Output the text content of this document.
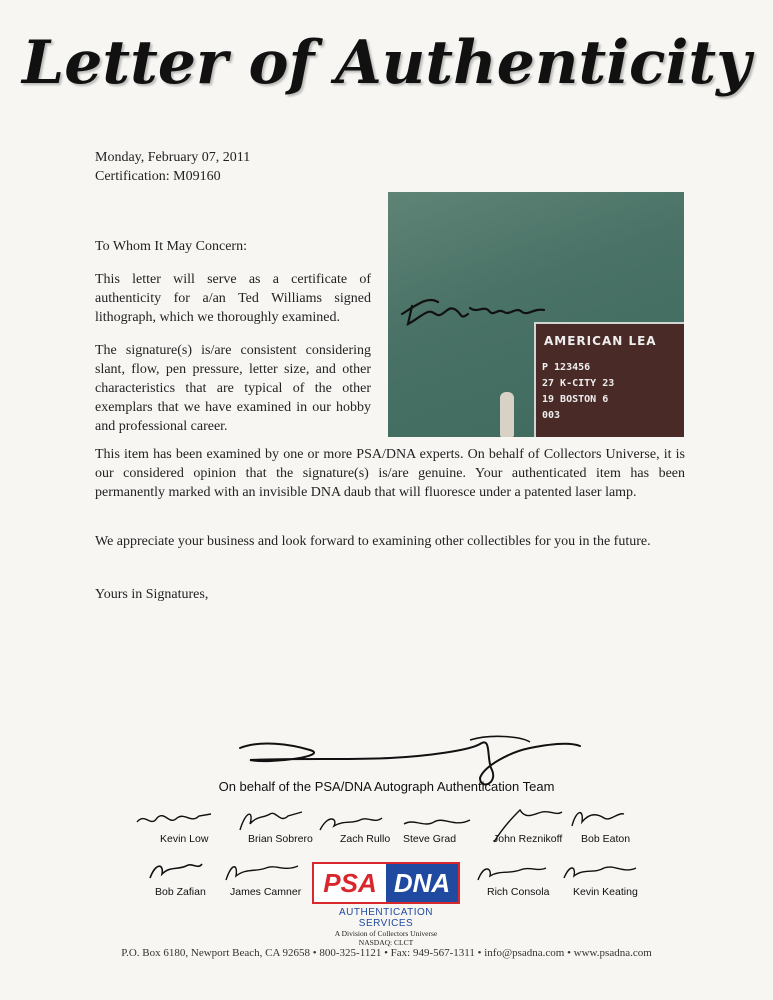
Letter of Authenticity
Monday, February 07, 2011
Certification: M09160
AMERICAN LEA
P 123456
27 K-CITY 23
19 BOSTON 6
003
To Whom It May Concern:
This letter will serve as a certificate of authenticity for a/an Ted Williams signed lithograph, which we thoroughly examined.
The signature(s) is/are consistent considering slant, flow, pen pressure, letter size, and other characteristics that are typical of the other exemplars that we have examined in our hobby and professional career.
This item has been examined by one or more PSA/DNA experts. On behalf of Collectors Universe, it is our considered opinion that the signature(s) is/are genuine. Your authenticated item has been permanently marked with an invisible DNA daub that will fluoresce under a patented laser lamp.
We appreciate your business and look forward to examining other collectibles for you in the future.
Yours in Signatures,
On behalf of the PSA/DNA Autograph Authentication Team
Kevin Low	Brian Sobrero	Zach Rullo Steve Grad	John Reznikoff Bob Eaton
Bob Zafian James Camner PSA DNA
AUTHENTICATION SERVICES
A Division of Collectors Universe
NASDAQ: CLCT
Rich Consola Kevin Keating
P.O. Box 6180, Newport Beach, CA 92658 • 800-325-1121 • Fax: 949-567-1311 • info@psadna.com • www.psadna.com
